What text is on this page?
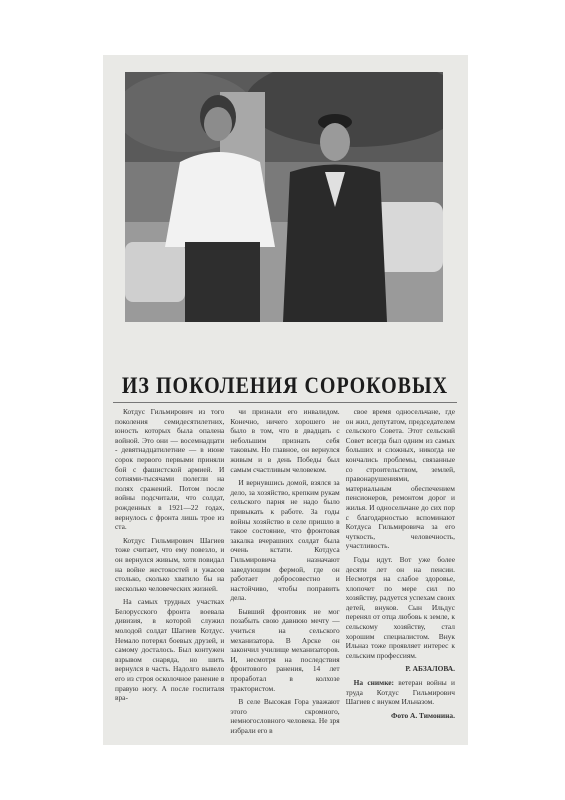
ИЗ ПОКОЛЕНИЯ СОРОКОВЫХ

Котдус Гильмирович из того поколения семидесятилетних, юность которых была опалена войной. Это они — восемнадцати - девятнадцатилетние — в июне сорок первого первыми приняли бой с фашистской армией. И сотнями-тысячами полегли на полях сражений. Потом после войны подсчитали, что солдат, рожденных в 1921—22 годах, вернулось с фронта лишь трое из ста.

Котдус Гильмирович Шагиев тоже считает, что ему повезло, и он вернулся живым, хотя повидал на войне жестокостей и ужасов столько, сколько хватило бы на несколько человеческих жизней.

На самых трудных участках Белорусского фронта воевала дивизия, в которой служил молодой солдат Шагиев Котдус. Немало потерял боевых друзей, и самому досталось. Был контужен взрывом снаряда, но шить вернулся в часть. Надолго вывело его из строя осколочное ранение в правую ногу. А после госпиталя вра-

чи признали его инвалидом. Конечно, ничего хорошего не было в том, что в двадцать с небольшим признать себя таковым. Но главное, он вернулся живым и в день Победы был самым счастливым человеком.

И вернувшись домой, взялся за дело, за хозяйство, крепким рукам сельского парня не надо было привыкать к работе. За годы войны хозяйство в селе пришло в такое состояние, что фронтовая закалка вчерашних солдат была очень кстати. Котдуса Гильмировича назначают заведующим фермой, где он работает добросовестно и настойчиво, чтобы поправить дела.

Бывший фронтовик не мог позабыть свою давнюю мечту — учиться на сельского механизатора. В Арске он закончил училище механизаторов. И, несмотря на последствия фронтового ранения, 14 лет проработал в колхозе трактористом.

В селе Высокая Гора уважают этого скромного, немногословного человека. Не зря избрали его в

свое время односельчане, где он жил, депутатом, председателем сельского Совета. Этот сельский Совет всегда был одним из самых больших и сложных, никогда не кончались проблемы, связанные со строительством, землей, правонарушениями, материальным обеспечением пенсионеров, ремонтом дорог и жилья. И односельчане до сих пор с благодарностью вспоминают Котдуса Гильмировича за его чуткость, человечность, участливость.

Годы идут. Вот уже более десяти лет он на пенсии. Несмотря на слабое здоровье, хлопочет по мере сил по хозяйству, радуется успехам своих детей, внуков. Сын Ильдус перенял от отца любовь к земле, к сельскому хозяйству, стал хорошим специалистом. Внук Ильназ тоже проявляет интерес к сельским профессиям.

Р. АБЗАЛОВА.

На снимке: ветеран войны и труда Котдус Гильмирович Шагиев с внуком Ильназом.

Фото А. Тимонина.
